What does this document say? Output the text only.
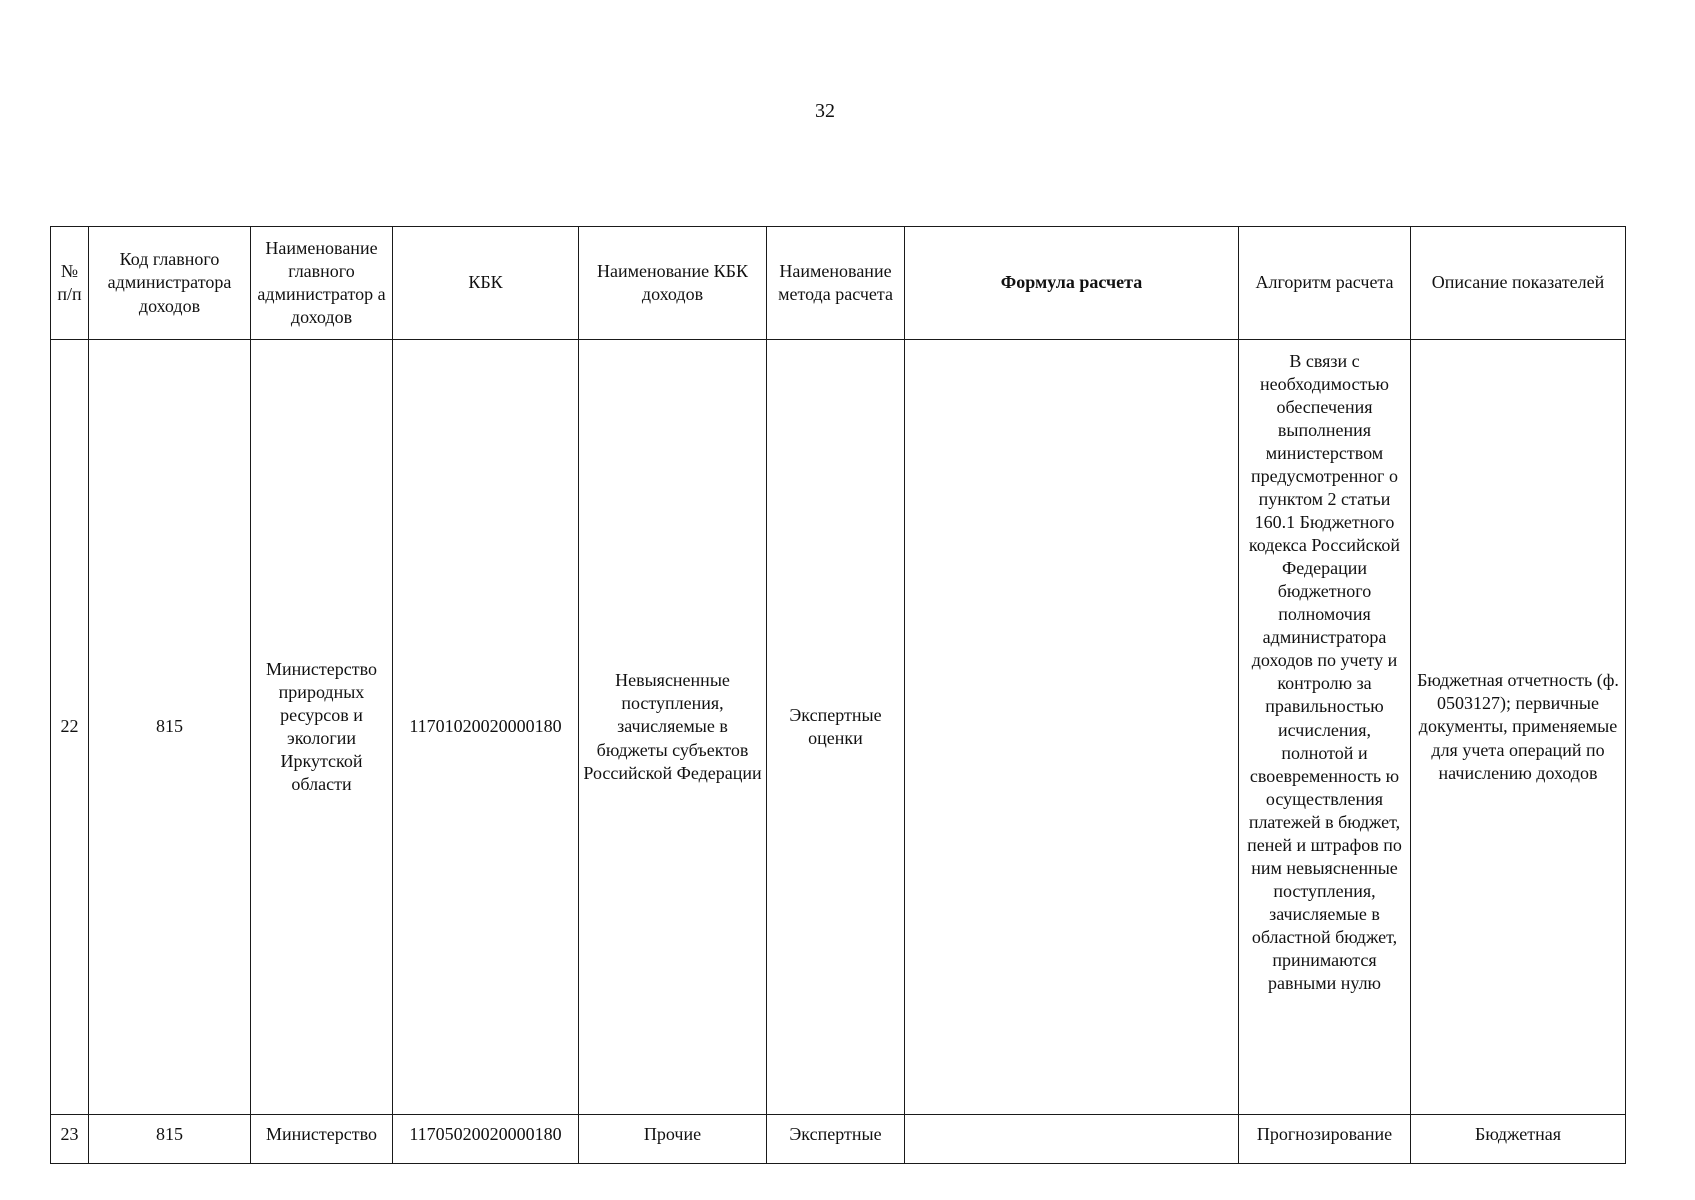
32
№ п/п	Код главного администратора доходов	Наименование главного администратор а доходов	КБК	Наименование КБК доходов	Наименование метода расчета	Формула расчета	Алгоритм расчета	Описание показателей
22	815	Министерство природных ресурсов и экологии Иркутской области	11701020020000180	Невыясненные поступления, зачисляемые в бюджеты субъектов Российской Федерации	Экспертные оценки		В связи с необходимостью обеспечения выполнения министерством предусмотренног о пунктом 2 статьи 160.1 Бюджетного кодекса Российской Федерации бюджетного полномочия администратора доходов по учету и контролю за правильностью исчисления, полнотой и своевременность ю осуществления платежей в бюджет, пеней и штрафов по ним невыясненные поступления, зачисляемые в областной бюджет, принимаются равными нулю	Бюджетная отчетность (ф. 0503127); первичные документы, применяемые для учета операций по начислению доходов
23	815	Министерство	11705020020000180	Прочие	Экспертные		Прогнозирование	Бюджетная
